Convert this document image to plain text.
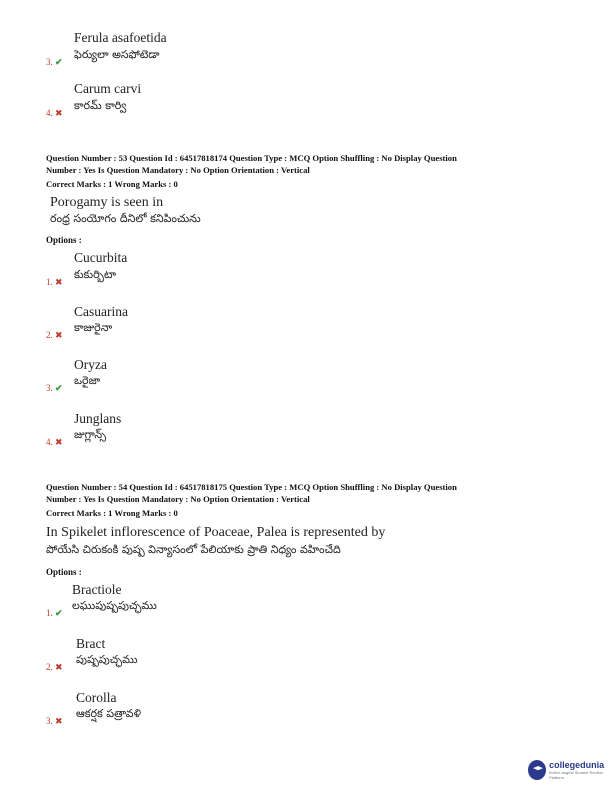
Ferula asafoetida
ఫెర్యులా అసఫోటెడా
3. ✔
Carum carvi
కారమ్ కార్వి
4. ✖
Question Number : 53 Question Id : 64517818174 Question Type : MCQ Option Shuffling : No Display Question
Number : Yes Is Question Mandatory : No Option Orientation : Vertical
Correct Marks : 1 Wrong Marks : 0
Porogamy is seen in
రంధ్ర సంయోగం దీనిలో కనిపించును
Options :
Cucurbita
కుకుర్బిటా
1. ✖
Casuarina
కాజురైనా
2. ✖
Oryza
ఒరైజా
3. ✔
Junglans
జుగ్లాన్స్
4. ✖
Question Number : 54 Question Id : 64517818175 Question Type : MCQ Option Shuffling : No Display Question
Number : Yes Is Question Mandatory : No Option Orientation : Vertical
Correct Marks : 1 Wrong Marks : 0
In Spikelet inflorescence of Poaceae, Palea is represented by
పోయేసి చిరుకంకి పుష్ప విన్యాసంలో పేలియాకు ప్రాతి నిధ్యం వహించేది
Options :
Bractiole
లఘుపుష్పపుచ్ఛము
1. ✔
Bract
పుష్పపుచ్ఛము
2. ✖
Corolla
ఆకర్షక పత్రావళి
3. ✖
collegedunia
India's largest Student Review Platform
